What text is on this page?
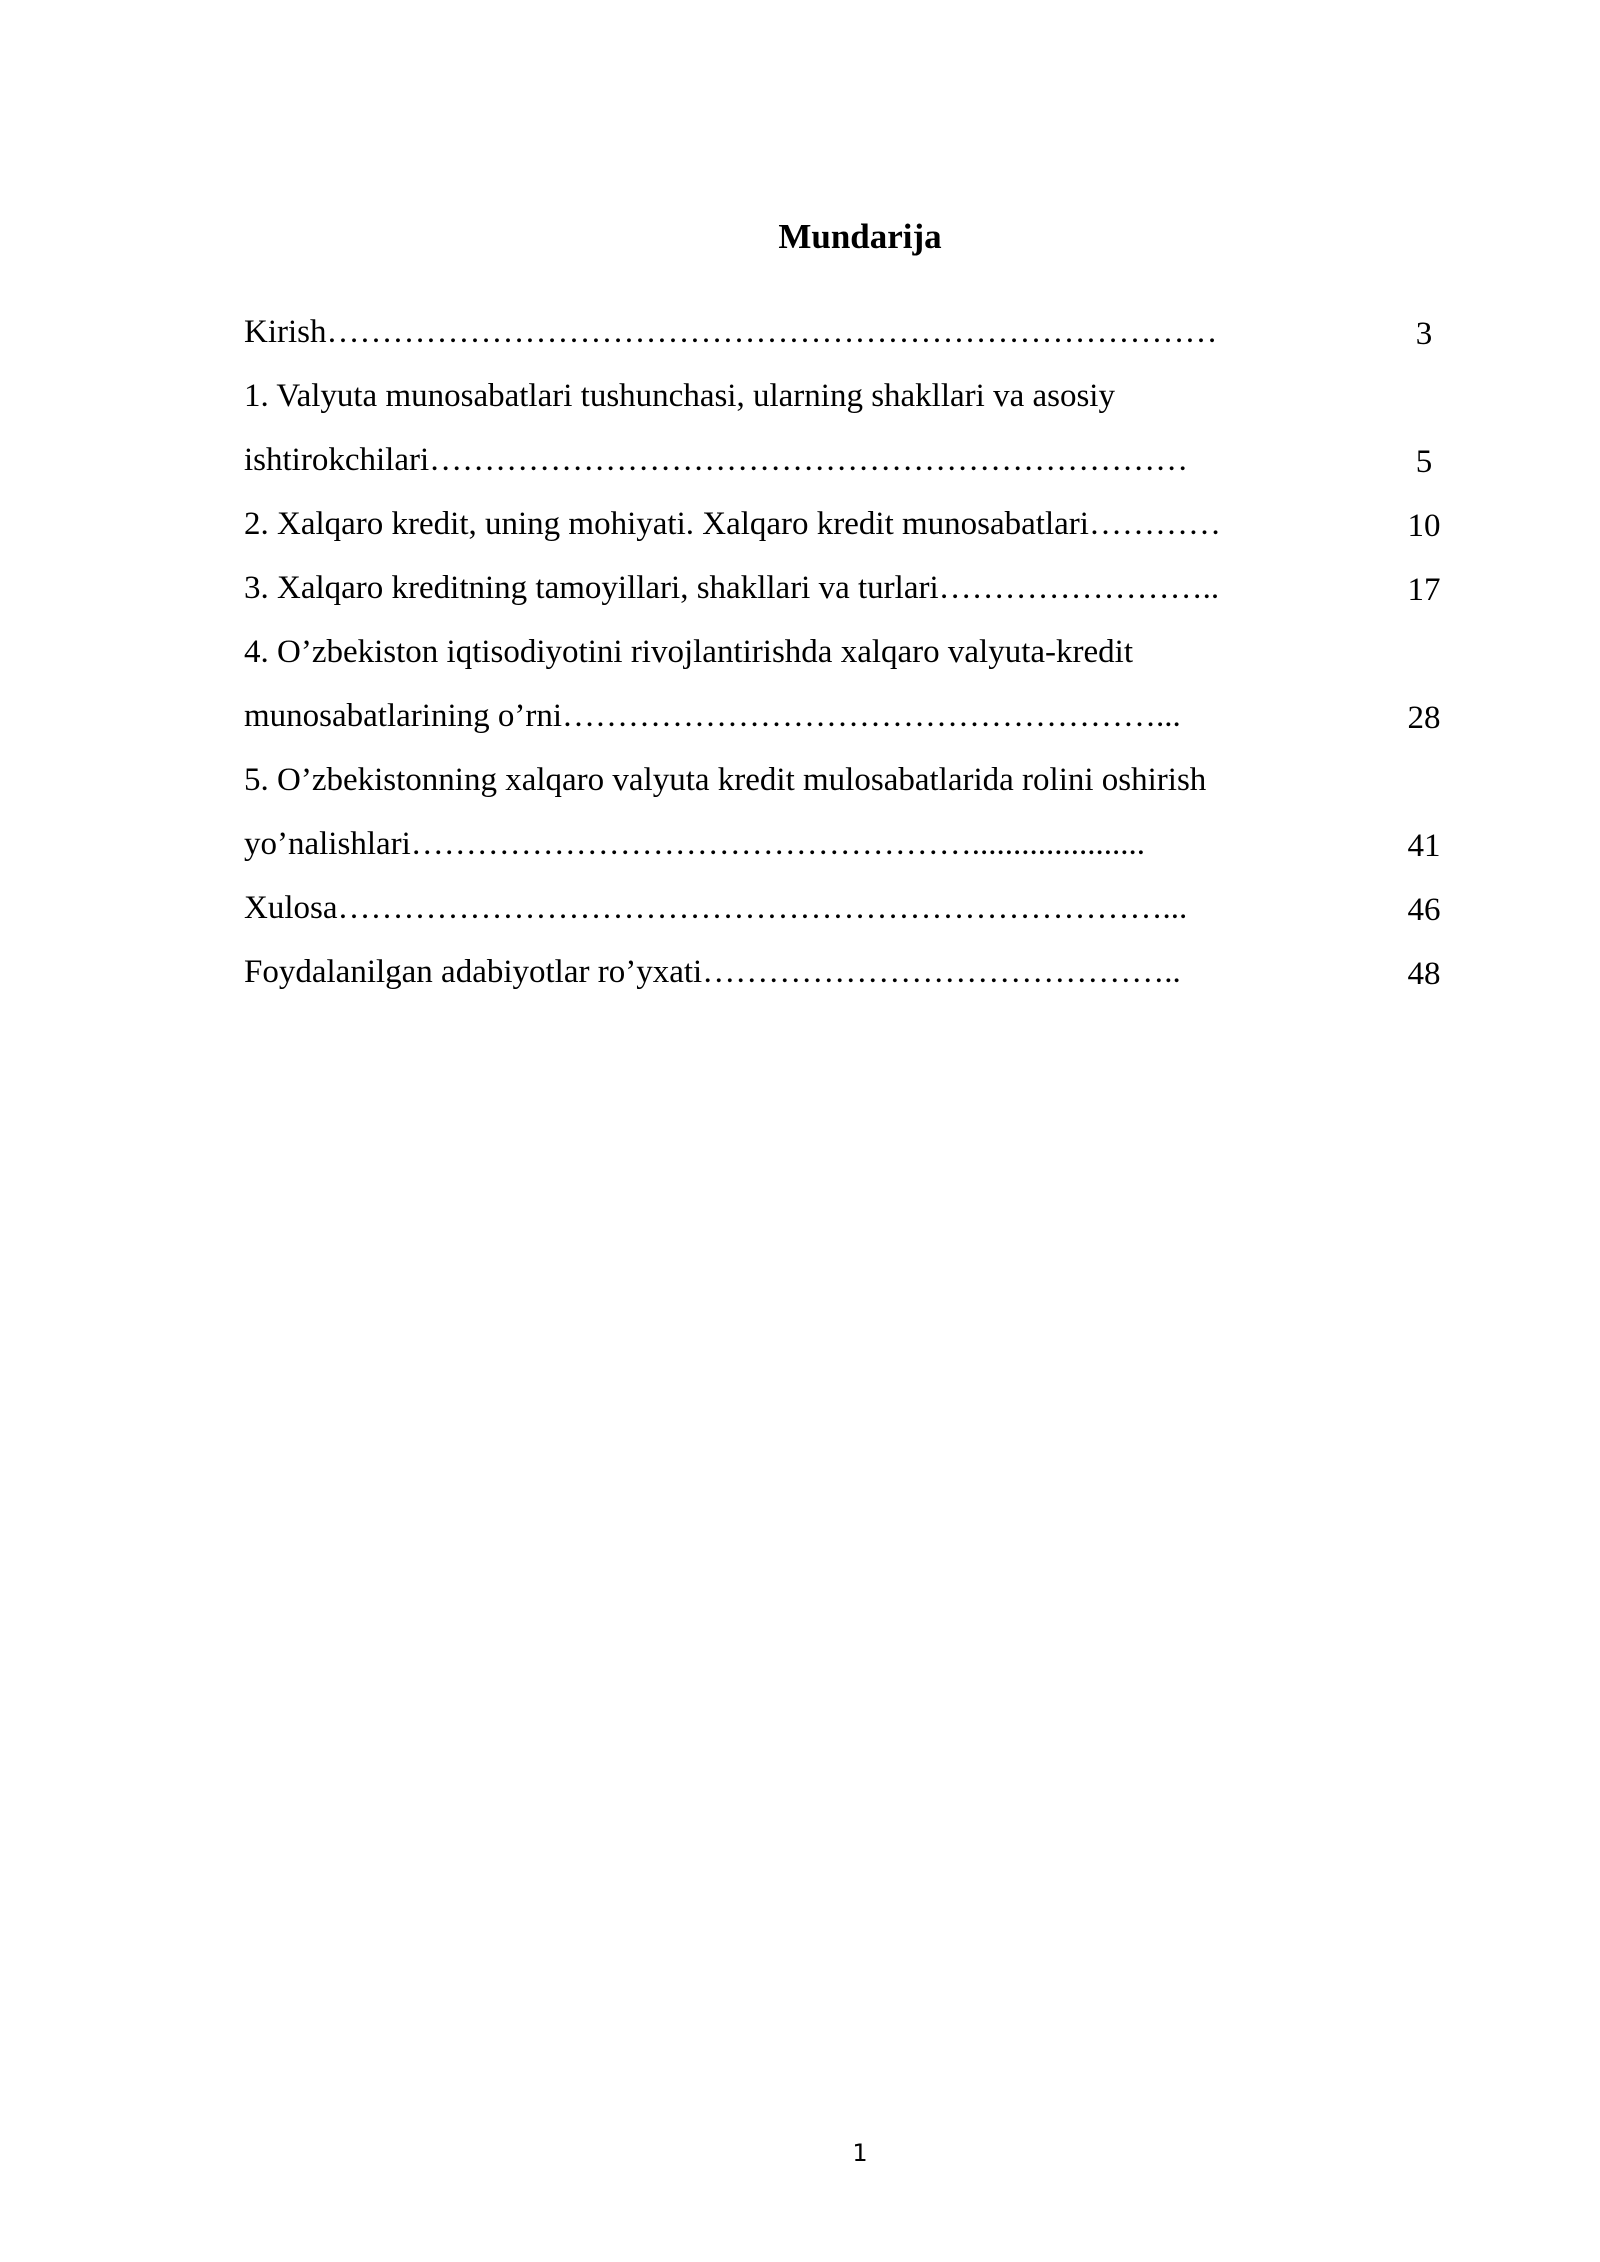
Mundarija
Kirish………………………………………………………………………	3
1. Valyuta munosabatlari tushunchasi, ularning shakllari va asosiy
ishtirokchilari……………………………………………………………	5
2. Xalqaro kredit, uning mohiyati. Xalqaro kredit munosabatlari…………	10
3. Xalqaro kreditning tamoyillari, shakllari va turlari……………………..	17
4. O’zbekiston iqtisodiyotini rivojlantirishda xalqaro valyuta-kredit
munosabatlarining o’rni………………………………………………...	28
5. O’zbekistonning xalqaro valyuta kredit mulosabatlarida rolini oshirish
yo’nalishlari…………………………………………….....................	41
Xulosa…………………………………………………………………...	46
Foydalanilgan adabiyotlar ro’yxati……………………………………..	48
1
